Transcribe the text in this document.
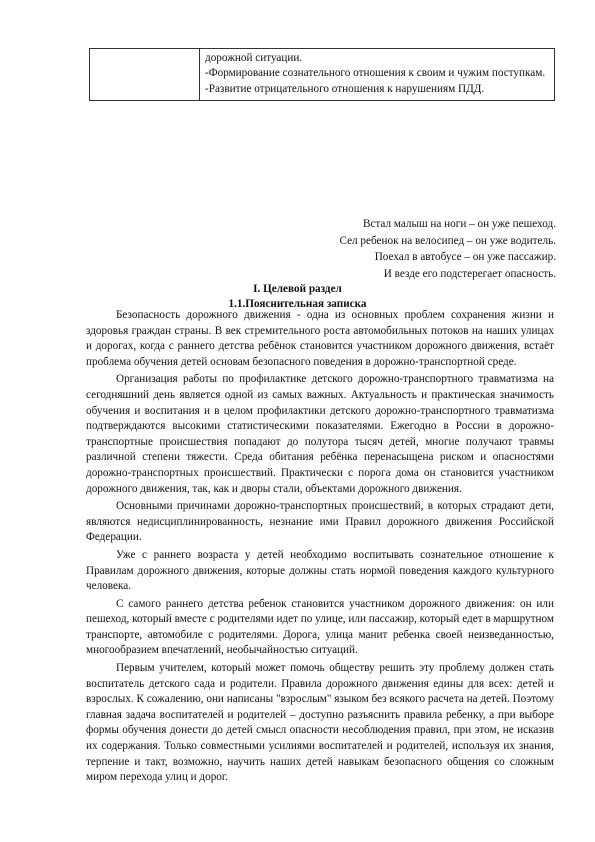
дорожной ситуации.
-Формирование сознательного отношения к своим и чужим поступкам.
-Развитие отрицательного отношения к нарушениям ПДД.
Встал малыш на ноги – он уже пешеход.
Сел ребенок на велосипед – он уже водитель.
Поехал в автобусе – он уже пассажир.
И везде его подстерегает опасность.
I. Целевой раздел
1.1.Пояснительная записка

Безопасность дорожного движения - одна из основных проблем сохранения жизни и здоровья граждан страны. В век стремительного роста автомобильных потоков на наших улицах и дорогах, когда с раннего детства ребёнок становится участником дорожного движения, встаёт проблема обучения детей основам безопасного поведения в дорожно-транспортной среде.

Организация работы по профилактике детского дорожно-транспортного травматизма на сегодняшний день является одной из самых важных. Актуальность и практическая значимость обучения и воспитания и в целом профилактики детского дорожно-транспортного травматизма подтверждаются высокими статистическими показателями. Ежегодно в России в дорожно-транспортные происшествия попадают до полутора тысяч детей, многие получают травмы различной степени тяжести. Среда обитания ребёнка перенасыщена риском и опасностями дорожно-транспортных происшествий. Практически с порога дома он становится участником дорожного движения, так, как и дворы стали, объектами дорожного движения.

Основными причинами дорожно-транспортных происшествий, в которых страдают дети, являются недисциплинированность, незнание ими Правил дорожного движения Российской Федерации.

Уже с раннего возраста у детей необходимо воспитывать сознательное отношение к Правилам дорожного движения, которые должны стать нормой поведения каждого культурного человека.

С самого раннего детства ребенок становится участником дорожного движения: он или пешеход, который вместе с родителями идет по улице, или пассажир, который едет в маршрутном транспорте, автомобиле с родителями. Дорога, улица манит ребенка своей неизведанностью, многообразием впечатлений, необычайностью ситуаций.

Первым учителем, который может помочь обществу решить эту проблему должен стать воспитатель детского сада и родители. Правила дорожного движения едины для всех: детей и взрослых. К сожалению, они написаны "взрослым" языком без всякого расчета на детей. Поэтому главная задача воспитателей и родителей – доступно разъяснить правила ребенку, а при выборе формы обучения донести до детей смысл опасности несоблюдения правил, при этом, не исказив их содержания. Только совместными усилиями воспитателей и родителей, используя их знания, терпение и такт, возможно, научить наших детей навыкам безопасного общения со сложным миром перехода улиц и дорог.
